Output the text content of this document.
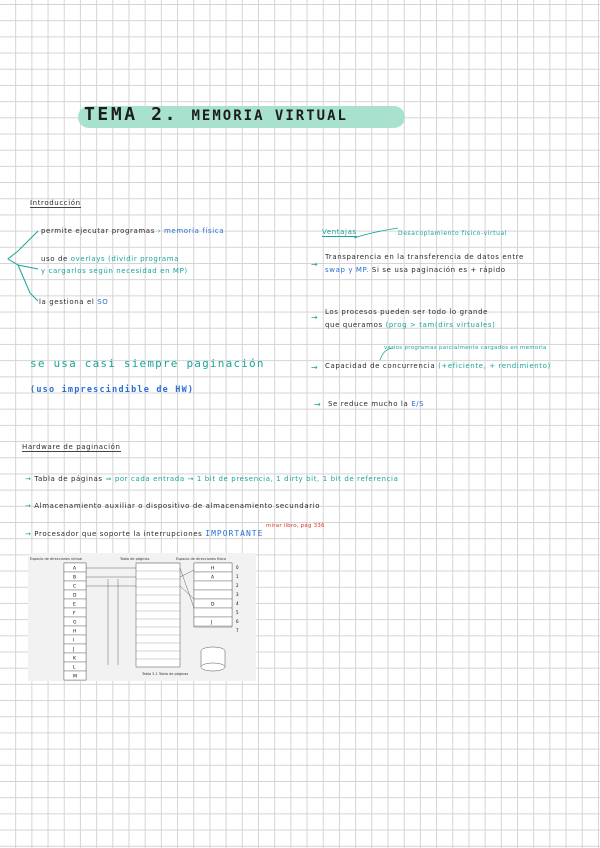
TEMA 2. MEMORIA VIRTUAL
Introducción
permite ejecutar programas › memoria física
uso de overlays (dividir programa
y cargarlos según necesidad en MP)
la gestiona el SO
se usa casi siempre paginación
(uso imprescindible de HW)
Ventajas	Desacoplamiento físico-virtual
→
Transparencia en la transferencia de datos entre
swap y MP. Si se usa paginación es + rápido
→
Los procesos pueden ser todo lo grande
que queramos (prog > tam(dirs virtuales)
varios programas parcialmente cargados en memoria
→ Capacidad de concurrencia (+eficiente, + rendimiento)
→ Se reduce mucho la E/S
Hardware de paginación
→ Tabla de páginas ⇒ por cada entrada → 1 bit de presencia, 1 dirty bit, 1 bit de referencia
→ Almacenamiento auxiliar o dispositivo de almacenamiento secundario
→ Procesador que soporte la interrupciones IMPORTANTE
mirar libro, pág 336
Espacio de direcciones virtual	Tabla de páginas	Espacio de direcciones físico
A
B
C
D
E
F
G
H
I
J
K
L
M
H
A
D
J
0
1
2
3
4
5
6
7
Tabla 3.1 Tabla de páginas
